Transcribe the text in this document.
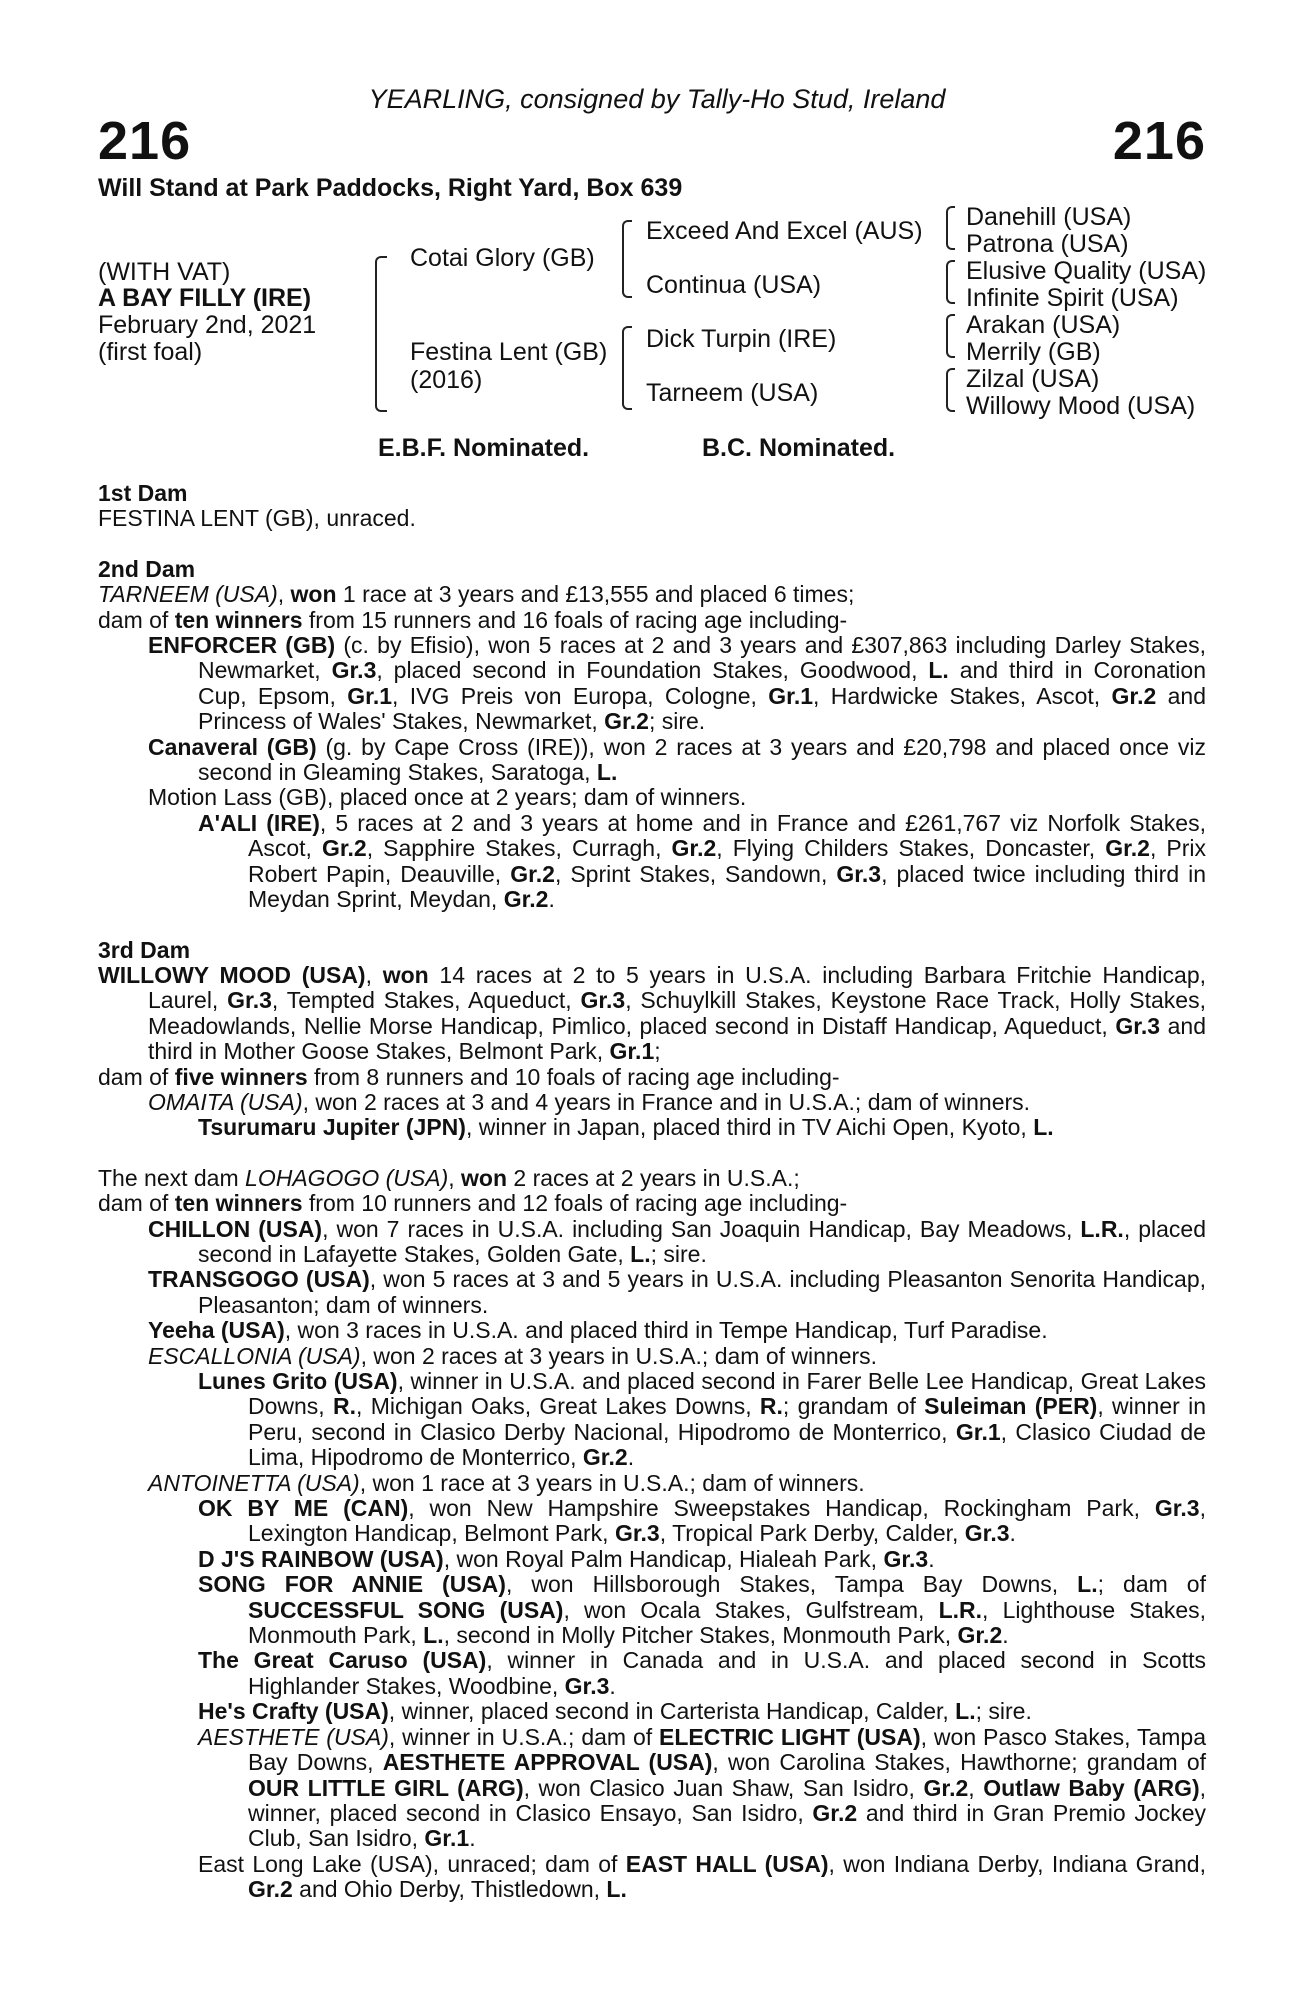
YEARLING, consigned by Tally-Ho Stud, Ireland
216	216
Will Stand at Park Paddocks, Right Yard, Box 639
(WITH VAT)
A BAY FILLY (IRE)
February 2nd, 2021
(first foal)
Cotai Glory (GB)
Festina Lent (GB)
(2016)
Exceed And Excel (AUS)
Continua (USA)
Dick Turpin (IRE)
Tarneem (USA)
Danehill (USA)
Patrona (USA)
Elusive Quality (USA)
Infinite Spirit (USA)
Arakan (USA)
Merrily (GB)
Zilzal (USA)
Willowy Mood (USA)
E.B.F. Nominated.	B.C. Nominated.
1st Dam
FESTINA LENT (GB), unraced.
2nd Dam
TARNEEM (USA), won 1 race at 3 years and £13,555 and placed 6 times;
dam of ten winners from 15 runners and 16 foals of racing age including-
ENFORCER (GB) (c. by Efisio), won 5 races at 2 and 3 years and £307,863 including Darley Stakes, Newmarket, Gr.3, placed second in Foundation Stakes, Goodwood, L. and third in Coronation Cup, Epsom, Gr.1, IVG Preis von Europa, Cologne, Gr.1, Hardwicke Stakes, Ascot, Gr.2 and Princess of Wales' Stakes, Newmarket, Gr.2; sire.
Canaveral (GB) (g. by Cape Cross (IRE)), won 2 races at 3 years and £20,798 and placed once viz second in Gleaming Stakes, Saratoga, L.
Motion Lass (GB), placed once at 2 years; dam of winners.
A'ALI (IRE), 5 races at 2 and 3 years at home and in France and £261,767 viz Norfolk Stakes, Ascot, Gr.2, Sapphire Stakes, Curragh, Gr.2, Flying Childers Stakes, Doncaster, Gr.2, Prix Robert Papin, Deauville, Gr.2, Sprint Stakes, Sandown, Gr.3, placed twice including third in Meydan Sprint, Meydan, Gr.2.
3rd Dam
WILLOWY MOOD (USA), won 14 races at 2 to 5 years in U.S.A. including Barbara Fritchie Handicap, Laurel, Gr.3, Tempted Stakes, Aqueduct, Gr.3, Schuylkill Stakes, Keystone Race Track, Holly Stakes, Meadowlands, Nellie Morse Handicap, Pimlico, placed second in Distaff Handicap, Aqueduct, Gr.3 and third in Mother Goose Stakes, Belmont Park, Gr.1;
dam of five winners from 8 runners and 10 foals of racing age including-
OMAITA (USA), won 2 races at 3 and 4 years in France and in U.S.A.; dam of winners.
Tsurumaru Jupiter (JPN), winner in Japan, placed third in TV Aichi Open, Kyoto, L.
The next dam LOHAGOGO (USA), won 2 races at 2 years in U.S.A.;
dam of ten winners from 10 runners and 12 foals of racing age including-
CHILLON (USA), won 7 races in U.S.A. including San Joaquin Handicap, Bay Meadows, L.R., placed second in Lafayette Stakes, Golden Gate, L.; sire.
TRANSGOGO (USA), won 5 races at 3 and 5 years in U.S.A. including Pleasanton Senorita Handicap, Pleasanton; dam of winners.
Yeeha (USA), won 3 races in U.S.A. and placed third in Tempe Handicap, Turf Paradise.
ESCALLONIA (USA), won 2 races at 3 years in U.S.A.; dam of winners.
Lunes Grito (USA), winner in U.S.A. and placed second in Farer Belle Lee Handicap, Great Lakes Downs, R., Michigan Oaks, Great Lakes Downs, R.; grandam of Suleiman (PER), winner in Peru, second in Clasico Derby Nacional, Hipodromo de Monterrico, Gr.1, Clasico Ciudad de Lima, Hipodromo de Monterrico, Gr.2.
ANTOINETTA (USA), won 1 race at 3 years in U.S.A.; dam of winners.
OK BY ME (CAN), won New Hampshire Sweepstakes Handicap, Rockingham Park, Gr.3, Lexington Handicap, Belmont Park, Gr.3, Tropical Park Derby, Calder, Gr.3.
D J'S RAINBOW (USA), won Royal Palm Handicap, Hialeah Park, Gr.3.
SONG FOR ANNIE (USA), won Hillsborough Stakes, Tampa Bay Downs, L.; dam of SUCCESSFUL SONG (USA), won Ocala Stakes, Gulfstream, L.R., Lighthouse Stakes, Monmouth Park, L., second in Molly Pitcher Stakes, Monmouth Park, Gr.2.
The Great Caruso (USA), winner in Canada and in U.S.A. and placed second in Scotts Highlander Stakes, Woodbine, Gr.3.
He's Crafty (USA), winner, placed second in Carterista Handicap, Calder, L.; sire.
AESTHETE (USA), winner in U.S.A.; dam of ELECTRIC LIGHT (USA), won Pasco Stakes, Tampa Bay Downs, AESTHETE APPROVAL (USA), won Carolina Stakes, Hawthorne; grandam of OUR LITTLE GIRL (ARG), won Clasico Juan Shaw, San Isidro, Gr.2, Outlaw Baby (ARG), winner, placed second in Clasico Ensayo, San Isidro, Gr.2 and third in Gran Premio Jockey Club, San Isidro, Gr.1.
East Long Lake (USA), unraced; dam of EAST HALL (USA), won Indiana Derby, Indiana Grand, Gr.2 and Ohio Derby, Thistledown, L.
